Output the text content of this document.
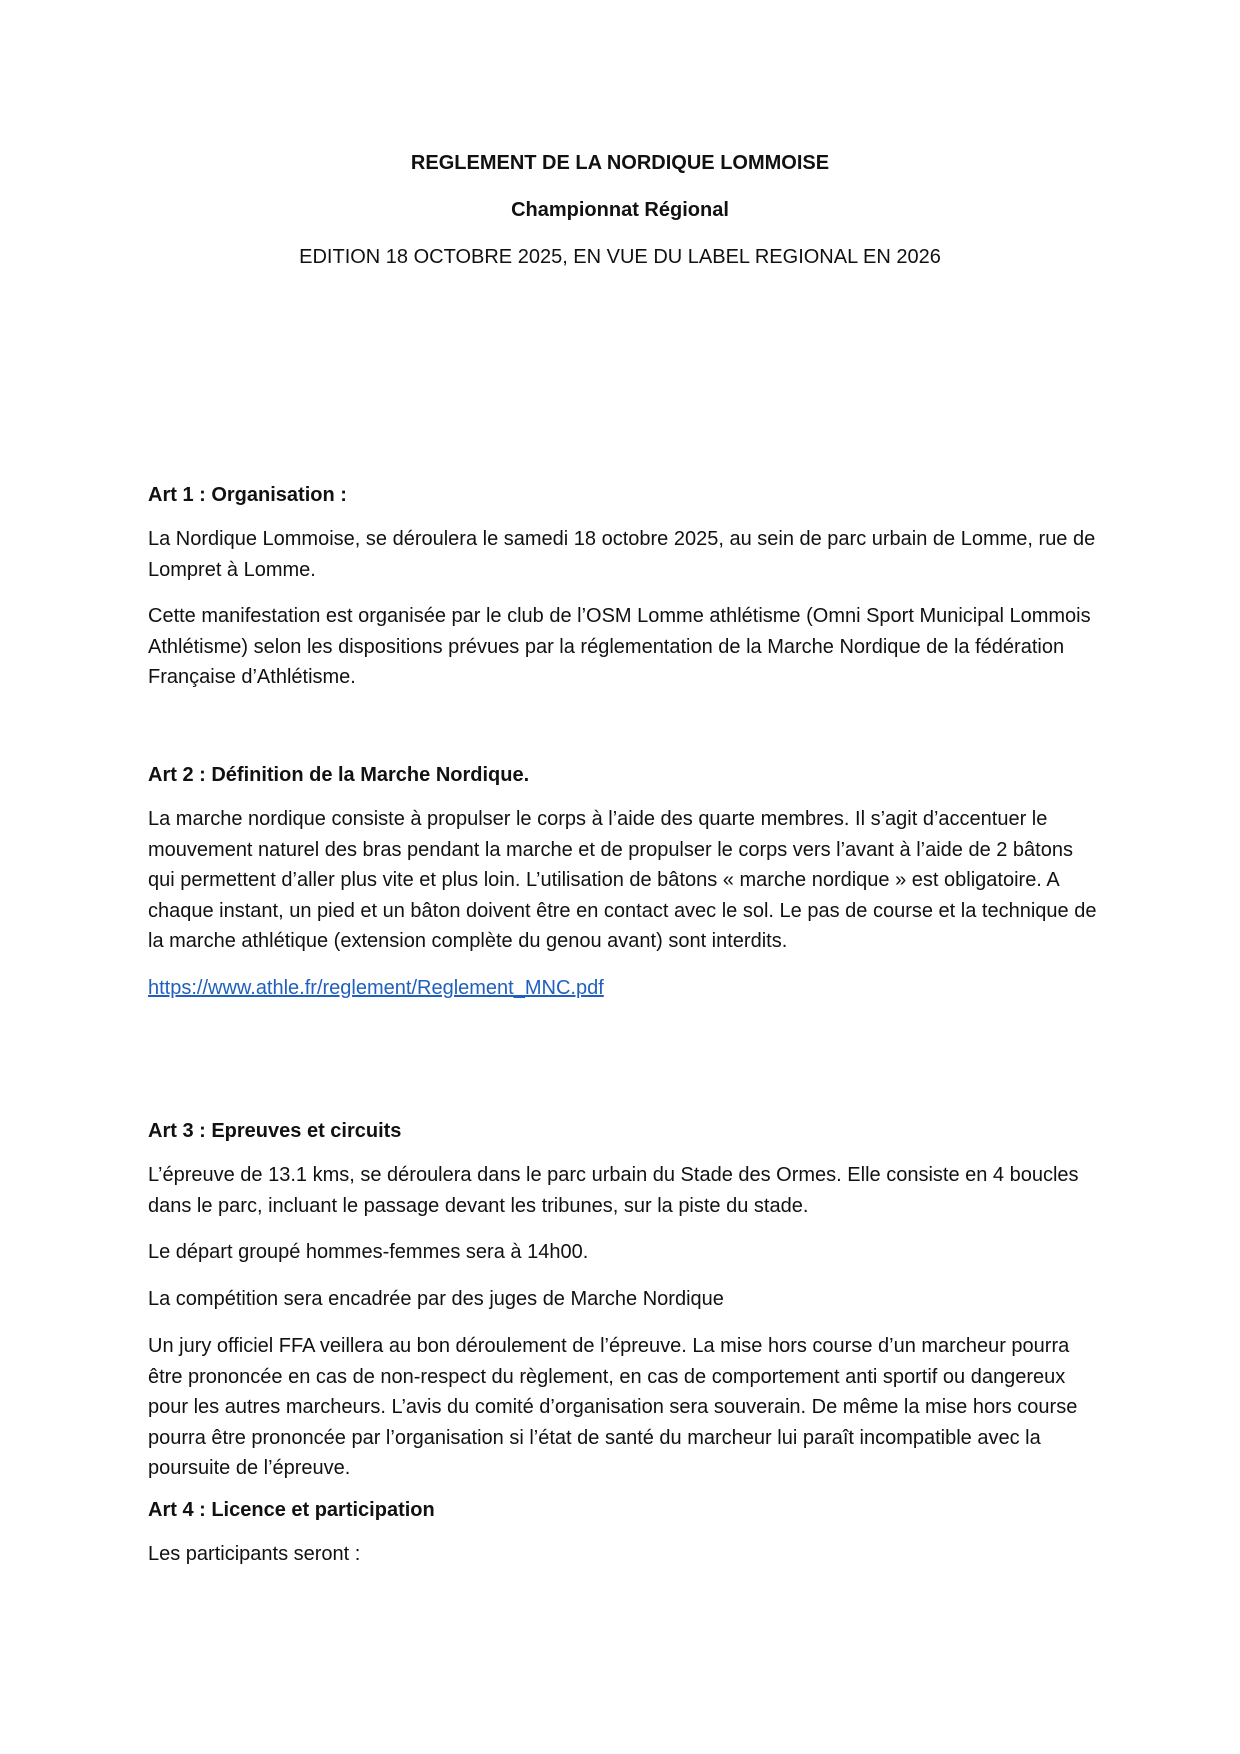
REGLEMENT DE LA NORDIQUE LOMMOISE

Championnat Régional

EDITION 18 OCTOBRE 2025, EN VUE DU LABEL REGIONAL EN 2026

Art 1 : Organisation :

La Nordique Lommoise, se déroulera le samedi 18 octobre 2025, au sein de parc urbain de Lomme, rue de Lompret à Lomme.

Cette manifestation est organisée par le club de l’OSM Lomme athlétisme (Omni Sport Municipal Lommois Athlétisme) selon les dispositions prévues par la réglementation de la Marche Nordique de la fédération Française d’Athlétisme.

Art 2 : Définition de la Marche Nordique.

La marche nordique consiste à propulser le corps à l’aide des quarte membres. Il s’agit d’accentuer le mouvement naturel des bras pendant la marche et de propulser le corps vers l’avant à l’aide de 2 bâtons qui permettent d’aller plus vite et plus loin. L’utilisation de bâtons « marche nordique » est obligatoire. A chaque instant, un pied et un bâton doivent être en contact avec le sol. Le pas de course et la technique de la marche athlétique (extension complète du genou avant) sont interdits.

https://www.athle.fr/reglement/Reglement_MNC.pdf

Art 3 : Epreuves et circuits

L’épreuve de 13.1 kms, se déroulera dans le parc urbain du Stade des Ormes. Elle consiste en 4 boucles dans le parc, incluant le passage devant les tribunes, sur la piste du stade.

Le départ groupé hommes-femmes sera à 14h00.

La compétition sera encadrée par des juges de Marche Nordique

Un jury officiel FFA veillera au bon déroulement de l’épreuve. La mise hors course d’un marcheur pourra être prononcée en cas de non-respect du règlement, en cas de comportement anti sportif ou dangereux pour les autres marcheurs. L’avis du comité d’organisation sera souverain. De même la mise hors course pourra être prononcée par l’organisation si l’état de santé du marcheur lui paraît incompatible avec la poursuite de l’épreuve.

Art 4 : Licence et participation

Les participants seront :
